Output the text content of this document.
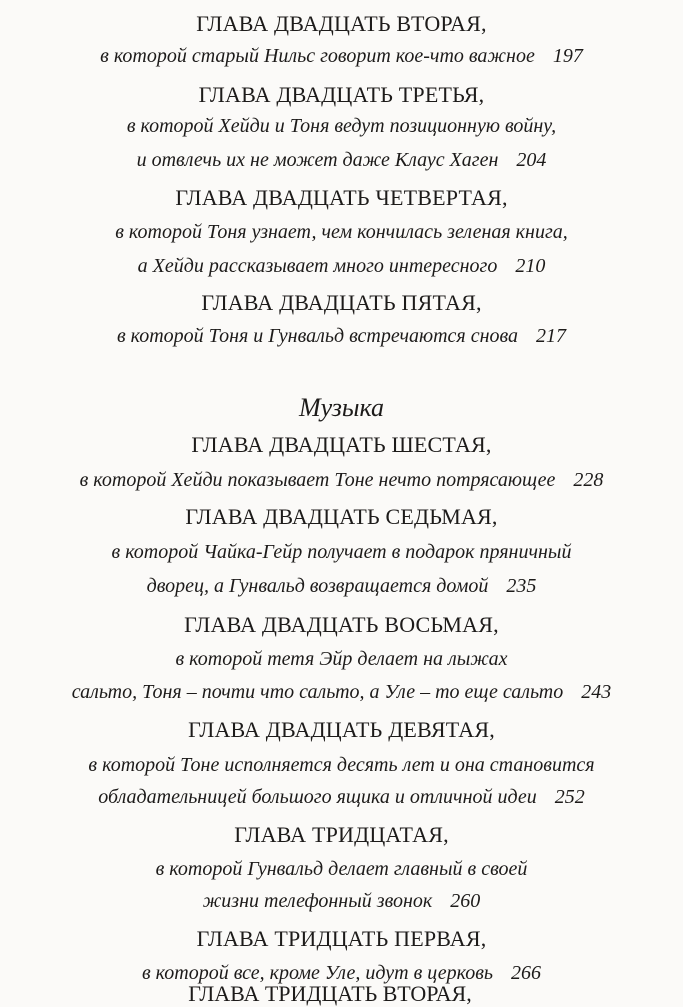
ГЛАВА ДВАДЦАТЬ ВТОРАЯ,
в которой старый Нильс говорит кое-что важное 197
ГЛАВА ДВАДЦАТЬ ТРЕТЬЯ,
в которой Хейди и Тоня ведут позиционную войну,
и отвлечь их не может даже Клаус Хаген 204
ГЛАВА ДВАДЦАТЬ ЧЕТВЕРТАЯ,
в которой Тоня узнает, чем кончилась зеленая книга,
а Хейди рассказывает много интересного 210
ГЛАВА ДВАДЦАТЬ ПЯТАЯ,
в которой Тоня и Гунвальд встречаются снова 217
Музыка
ГЛАВА ДВАДЦАТЬ ШЕСТАЯ,
в которой Хейди показывает Тоне нечто потрясающее 228
ГЛАВА ДВАДЦАТЬ СЕДЬМАЯ,
в которой Чайка-Гейр получает в подарок пряничный
дворец, а Гунвальд возвращается домой 235
ГЛАВА ДВАДЦАТЬ ВОСЬМАЯ,
в которой тетя Эйр делает на лыжах
сальто, Тоня – почти что сальто, а Уле – то еще сальто 243
ГЛАВА ДВАДЦАТЬ ДЕВЯТАЯ,
в которой Тоне исполняется десять лет и она становится
обладательницей большого ящика и отличной идеи 252
ГЛАВА ТРИДЦАТАЯ,
в которой Гунвальд делает главный в своей
жизни телефонный звонок 260
ГЛАВА ТРИДЦАТЬ ПЕРВАЯ,
в которой все, кроме Уле, идут в церковь 266
ГЛАВА ТРИДЦАТЬ ВТОРАЯ,
